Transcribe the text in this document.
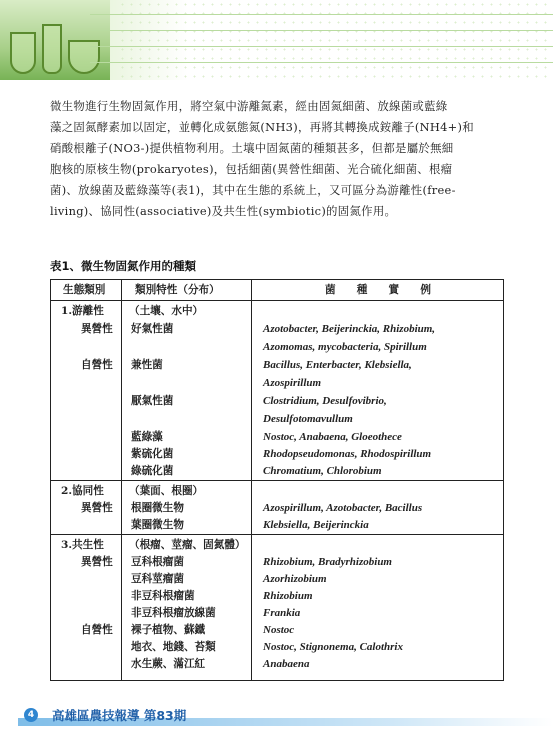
微生物進行生物固氮作用，將空氣中游離氮素，經由固氮細菌、放線菌或藍綠

藻之固氮酵素加以固定，並轉化成氨態氮(NH3)，再將其轉換成銨離子(NH4+)和

硝酸根離子(NO3-)提供植物利用。土壤中固氮菌的種類甚多，但都是屬於無細

胞核的原核生物(prokaryotes)，包括細菌(異營性細菌、光合硫化細菌、根瘤

菌)、放線菌及藍綠藻等(表1)，其中在生態的系統上，又可區分為游離性(free-

living)、協同性(associative)及共生性(symbiotic)的固氮作用。

表1、微生物固氮作用的種類
生態類別	類別特性（分布）	菌　　種　　實　　例
1.游離性 （土壤、水中）
異營性 好氣性菌	Azotobacter, Beijerinckia, Rhizobium,
Azomomas, mycobacteria, Spirillum
自營性 兼性菌	Bacillus, Enterbacter, Klebsiella,
Azospirillum
厭氣性菌	Clostridium, Desulfovibrio,
Desulfotomavullum
藍綠藻	Nostoc, Anabaena, Gloeothece
紫硫化菌	Rhodopseudomonas, Rhodospirillum
綠硫化菌	Chromatium, Chlorobium
2.協同性 （葉面、根圈）
異營性 根圈微生物	Azospirillum, Azotobacter, Bacillus
葉圈微生物	Klebsiella, Beijerinckia
3.共生性 （根瘤、莖瘤、固氮體）
異營性 豆科根瘤菌	Rhizobium, Bradyrhizobium
豆科莖瘤菌	Azorhizobium
非豆科根瘤菌	Rhizobium
非豆科根瘤放線菌	Frankia
自營性 裸子植物、蘇鐵	Nostoc
地衣、地錢、苔類	Nostoc, Stignonema, Calothrix
水生蕨、滿江紅	Anabaena
4	高雄區農技報導 第83期
